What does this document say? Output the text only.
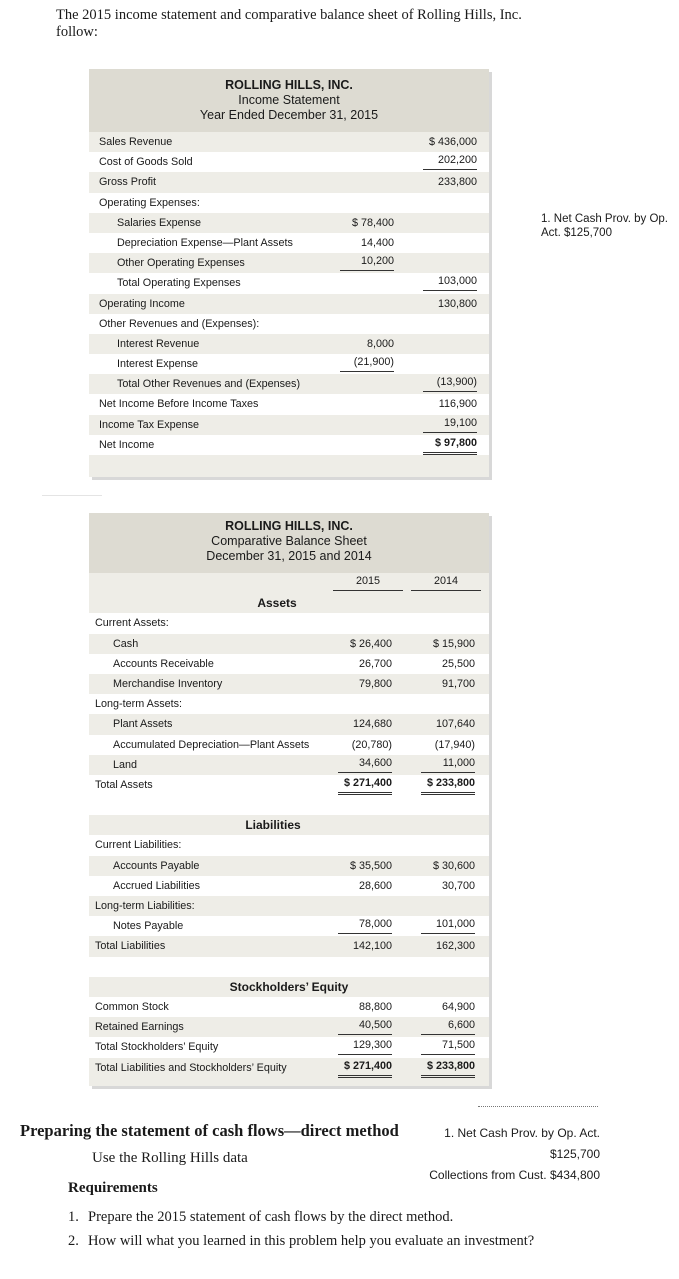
The 2015 income statement and comparative balance sheet of Rolling Hills, Inc. follow:
ROLLING HILLS, INC.
Income Statement
Year Ended December 31, 2015
Sales Revenue	$ 436,000
Cost of Goods Sold	202,200
Gross Profit	233,800
Operating Expenses:
Salaries Expense	$ 78,400
Depreciation Expense—Plant Assets	14,400
Other Operating Expenses	10,200
Total Operating Expenses	103,000
Operating Income	130,800
Other Revenues and (Expenses):
Interest Revenue	8,000
Interest Expense	(21,900)
Total Other Revenues and (Expenses)	(13,900)
Net Income Before Income Taxes	116,900
Income Tax Expense	19,100
Net Income	$ 97,800
1. Net Cash Prov. by Op.
Act. $125,700
ROLLING HILLS, INC.
Comparative Balance Sheet
December 31, 2015 and 2014
2015	2014
Assets
Current Assets:
Cash	$ 26,400	$ 15,900
Accounts Receivable	26,700	25,500
Merchandise Inventory	79,800	91,700
Long-term Assets:
Plant Assets	124,680	107,640
Accumulated Depreciation—Plant Assets	(20,780)	(17,940)
Land	34,600	11,000
Total Assets	$ 271,400	$ 233,800
Liabilities
Current Liabilities:
Accounts Payable	$ 35,500	$ 30,600
Accrued Liabilities	28,600	30,700
Long-term Liabilities:
Notes Payable	78,000	101,000
Total Liabilities	142,100	162,300
Stockholders’ Equity
Common Stock	88,800	64,900
Retained Earnings	40,500	6,600
Total Stockholders’ Equity	129,300	71,500
Total Liabilities and Stockholders’ Equity	$ 271,400	$ 233,800
Preparing the statement of cash flows—direct method	1. Net Cash Prov. by Op. Act. $125,700
Collections from Cust. $434,800
Use the Rolling Hills data
Requirements
1. Prepare the 2015 statement of cash flows by the direct method.
2. How will what you learned in this problem help you evaluate an investment?
